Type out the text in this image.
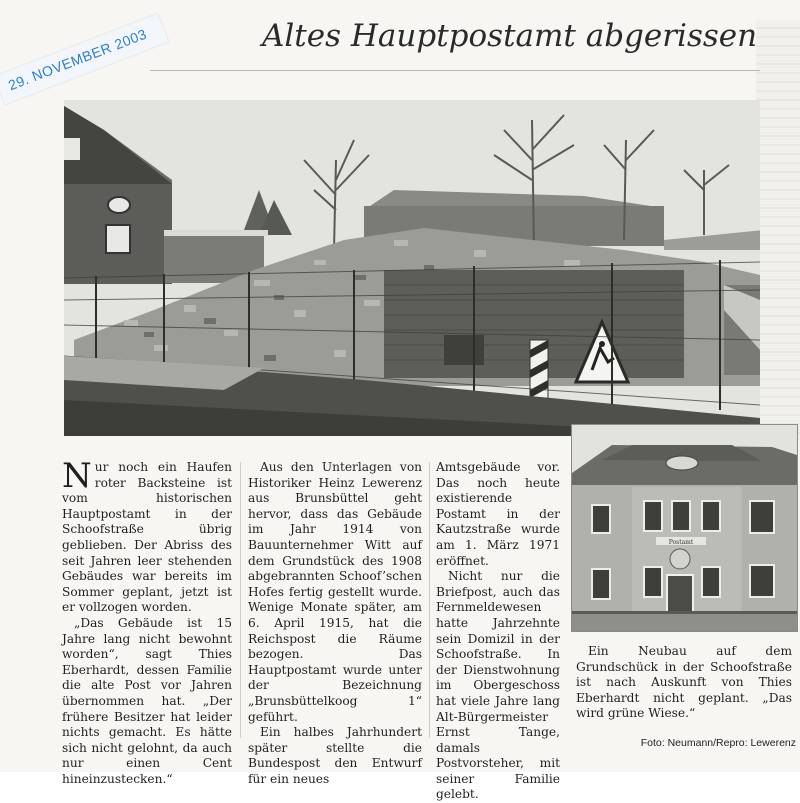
29. NOVEMBER 2003	Altes Hauptpostamt abgerissen
Postamt

Nur noch ein Haufen roter Backsteine ist vom historischen Hauptpostamt in der Schoofstraße übrig geblieben. Der Abriss des seit Jahren leer stehenden Gebäudes war bereits im Sommer geplant, jetzt ist er vollzogen worden.

„Das Gebäude ist 15 Jahre lang nicht bewohnt worden“, sagt Thies Eberhardt, dessen Familie die alte Post vor Jahren übernommen hat. „Der frühere Besitzer hat leider nichts gemacht. Es hätte sich nicht gelohnt, da auch nur einen Cent hineinzustecken.“

Aus den Unterlagen von Historiker Heinz Lewerenz aus Brunsbüttel geht hervor, dass das Gebäude im Jahr 1914 von Bauunternehmer Witt auf dem Grundstück des 1908 abgebrannten Schoof’schen Hofes fertig gestellt wurde. Wenige Monate später, am 6. April 1915, hat die Reichspost die Räume bezogen. Das Hauptpostamt wurde unter der Bezeichnung „Brunsbüttelkoog 1“ geführt.

Ein halbes Jahrhundert später stellte die Bundespost den Entwurf für ein neues

Amtsgebäude vor. Das noch heute existierende Postamt in der Kautzstraße wurde am 1. März 1971 eröffnet.

Nicht nur die Briefpost, auch das Fernmeldewesen hatte Jahrzehnte sein Domizil in der Schoofstraße. In der Dienstwohnung im Obergeschoss hat viele Jahre lang Alt-Bürgermeister Ernst Tange, damals Postvorsteher, mit seiner Familie gelebt.

Ein Neubau auf dem Grundschück in der Schoofstraße ist nach Auskunft von Thies Eberhardt nicht geplant. „Das wird grüne Wiese.“

Foto: Neumann/Repro: Lewerenz
